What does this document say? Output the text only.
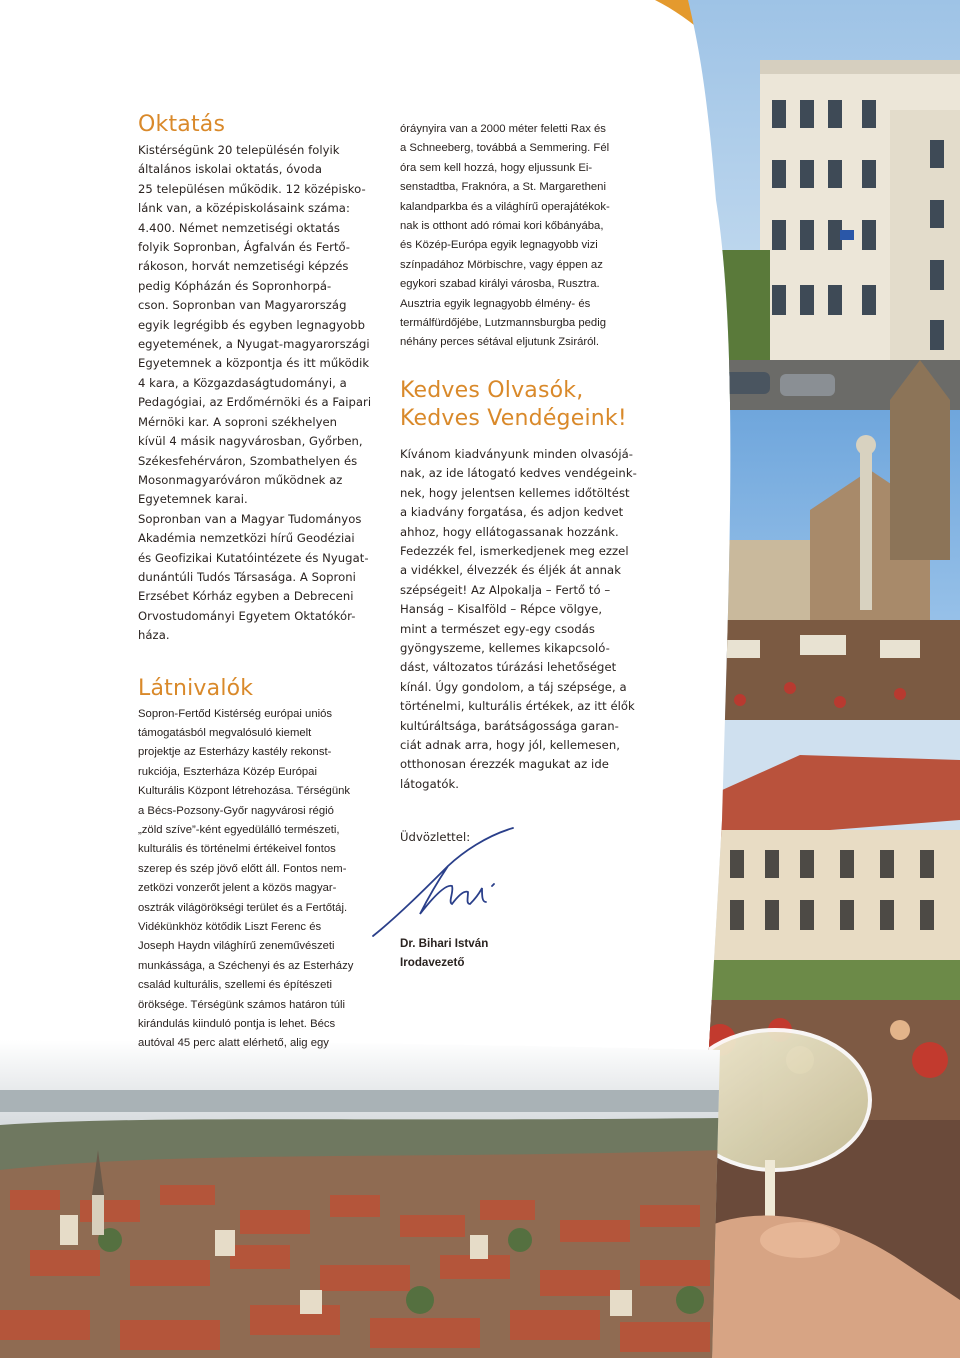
Oktatás

Kistérségünk 20 településén folyik
általános iskolai oktatás, óvoda
25 településen működik. 12 középisko-
lánk van, a középiskolásaink száma:
4.400. Német nemzetiségi oktatás
folyik Sopronban, Ágfalván és Fertő-
rákoson, horvát nemzetiségi képzés
pedig Kópházán és Sopronhorpá-
cson. Sopronban van Magyarország
egyik legrégibb és egyben legnagyobb
egyetemének, a Nyugat-magyarországi
Egyetemnek a központja és itt működik
4 kara, a Közgazdaságtudományi, a
Pedagógiai, az Erdőmérnöki és a Faipari
Mérnöki kar. A soproni székhelyen
kívül 4 másik nagyvárosban, Győrben,
Székesfehérváron, Szombathelyen és
Mosonmagyaróváron működnek az
Egyetemnek karai.
Sopronban van a Magyar Tudományos
Akadémia nemzetközi hírű Geodéziai
és Geofizikai Kutatóintézete és Nyugat-
dunántúli Tudós Társasága. A Soproni
Erzsébet Kórház egyben a Debreceni
Orvostudományi Egyetem Oktatókór-
háza.

Látnivalók

Sopron-Fertőd Kistérség európai uniós
támogatásból megvalósuló kiemelt
projektje az Esterházy kastély rekonst-
rukciója, Eszterháza Közép Európai
Kulturális Központ létrehozása. Térségünk
a Bécs-Pozsony-Győr nagyvárosi régió
„zöld szíve”-ként egyedülálló természeti,
kulturális és történelmi értékeivel fontos
szerep és szép jövő előtt áll. Fontos nem-
zetközi vonzerőt jelent a közös magyar-
osztrák világörökségi terület és a Fertőtáj.
Vidékünkhöz kötődik Liszt Ferenc és
Joseph Haydn világhírű zeneművészeti
munkássága, a Széchenyi és az Esterházy
család kulturális, szellemi és építészeti
öröksége. Térségünk számos határon túli
kirándulás kiinduló pontja is lehet. Bécs
autóval 45 perc alatt elérhető, alig egy

óráynyira van a 2000 méter feletti Rax és
a Schneeberg, továbbá a Semmering. Fél
óra sem kell hozzá, hogy eljussunk Ei-
senstadtba, Fraknóra, a St. Margaretheni
kalandparkba és a világhírű operajátékok-
nak is otthont adó római kori kőbányába,
és Közép-Európa egyik legnagyobb vizi
színpadához Mörbischre, vagy éppen az
egykori szabad királyi városba, Rusztra.
Ausztria egyik legnagyobb élmény- és
termálfürdőjébe, Lutzmannsburgba pedig
néhány perces sétával eljutunk Zsiráról.

Kedves Olvasók,
Kedves Vendégeink!

Kívánom kiadványunk minden olvasójá-
nak, az ide látogató kedves vendégeink-
nek, hogy jelentsen kellemes időtöltést
a kiadvány forgatása, és adjon kedvet
ahhoz, hogy ellátogassanak hozzánk.
Fedezzék fel, ismerkedjenek meg ezzel
a vidékkel, élvezzék és éljék át annak
szépségeit! Az Alpokalja – Fertő tó –
Hanság – Kisalföld – Répce völgye,
mint a természet egy-egy csodás
gyöngyszeme, kellemes kikapcsoló-
dást, változatos túrázási lehetőséget
kínál. Úgy gondolom, a táj szépsége, a
történelmi, kulturális értékek, az itt élők
kultúráltsága, barátságossága garan-
ciát adnak arra, hogy jól, kellemesen,
otthonosan érezzék magukat az ide
látogatók.

Üdvözlettel:

Dr. Bihari István
Irodavezető
